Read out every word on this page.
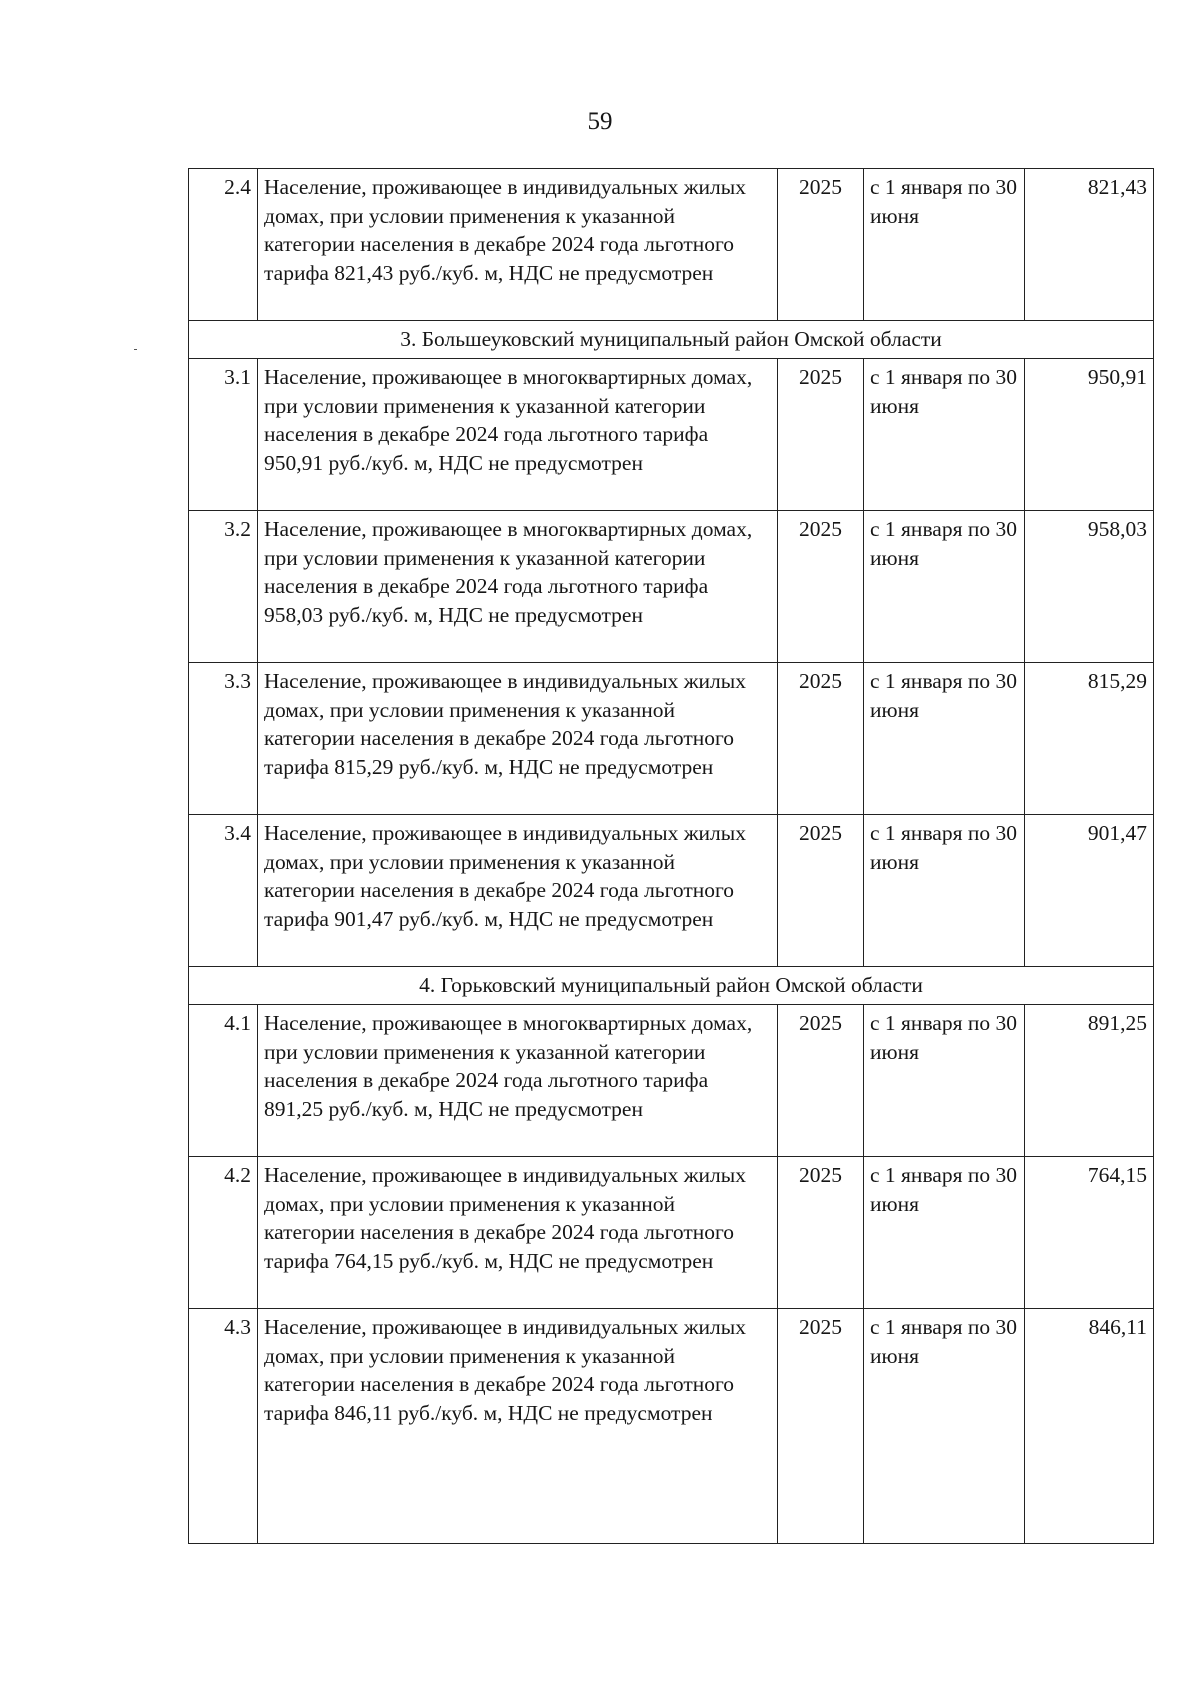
59
2.4	Население, проживающее в индивидуальных жилых домах, при условии применения к указанной категории населения в декабре 2024 года льготного тарифа 821,43 руб./куб. м, НДС не предусмотрен	2025	с 1 января по 30 июня	821,43
3. Большеуковский муниципальный район Омской области				
3.1	Население, проживающее в многоквартирных домах, при условии применения к указанной категории населения в декабре 2024 года льготного тарифа 950,91 руб./куб. м, НДС не предусмотрен	2025	с 1 января по 30 июня	950,91
3.2	Население, проживающее в многоквартирных домах, при условии применения к указанной категории населения в декабре 2024 года льготного тарифа 958,03 руб./куб. м, НДС не предусмотрен	2025	с 1 января по 30 июня	958,03
3.3	Население, проживающее в индивидуальных жилых домах, при условии применения к указанной категории населения в декабре 2024 года льготного тарифа 815,29 руб./куб. м, НДС не предусмотрен	2025	с 1 января по 30 июня	815,29
3.4	Население, проживающее в индивидуальных жилых домах, при условии применения к указанной категории населения в декабре 2024 года льготного тарифа 901,47 руб./куб. м, НДС не предусмотрен	2025	с 1 января по 30 июня	901,47
4. Горьковский муниципальный район Омской области				
4.1	Население, проживающее в многоквартирных домах, при условии применения к указанной категории населения в декабре 2024 года льготного тарифа 891,25 руб./куб. м, НДС не предусмотрен	2025	с 1 января по 30 июня	891,25
4.2	Население, проживающее в индивидуальных жилых домах, при условии применения к указанной категории населения в декабре 2024 года льготного тарифа 764,15 руб./куб. м, НДС не предусмотрен	2025	с 1 января по 30 июня	764,15
4.3	Население, проживающее в индивидуальных жилых домах, при условии применения к указанной категории населения в декабре 2024 года льготного тарифа 846,11 руб./куб. м, НДС не предусмотрен	2025	с 1 января по 30 июня	846,11
